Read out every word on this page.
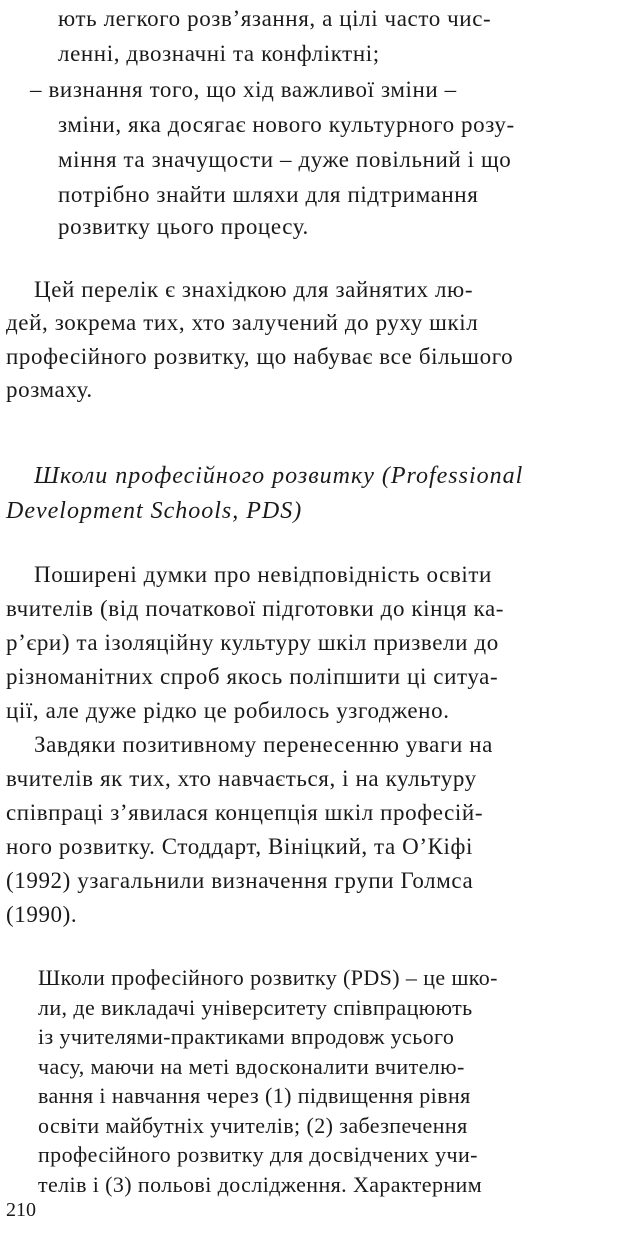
ють легкого розв’язання, а цілі часто чис-
ленні, двозначні та конфліктні;
– визнання того, що хід важливої зміни –
зміни, яка досягає нового культурного розу-
міння та значущости – дуже повільний і що
потрібно знайти шляхи для підтримання
розвитку цього процесу.
Цей перелік є знахідкою для зайнятих лю-
дей, зокрема тих, хто залучений до руху шкіл
професійного розвитку, що набуває все більшого
розмаху.
Школи професійного розвитку (Professional
Development Schools, PDS)
Поширені думки про невідповідність освіти
вчителів (від початкової підготовки до кінця ка-
р’єри) та ізоляційну культуру шкіл призвели до
різноманітних спроб якось поліпшити ці ситуа-
ції, але дуже рідко це робилось узгоджено.
Завдяки позитивному перенесенню уваги на
вчителів як тих, хто навчається, і на культуру
співпраці з’явилася концепція шкіл професій-
ного розвитку. Стоддарт, Вініцкий, та О’Кіфі
(1992) узагальнили визначення групи Голмса
(1990).
Школи професійного розвитку (PDS) – це шко-
ли, де викладачі університету співпрацюють
із учителями-практиками впродовж усього
часу, маючи на меті вдосконалити вчителю-
вання і навчання через (1) підвищення рівня
освіти майбутніх учителів; (2) забезпечення
професійного розвитку для досвідчених учи-
телів і (3) польові дослідження. Характерним
210
